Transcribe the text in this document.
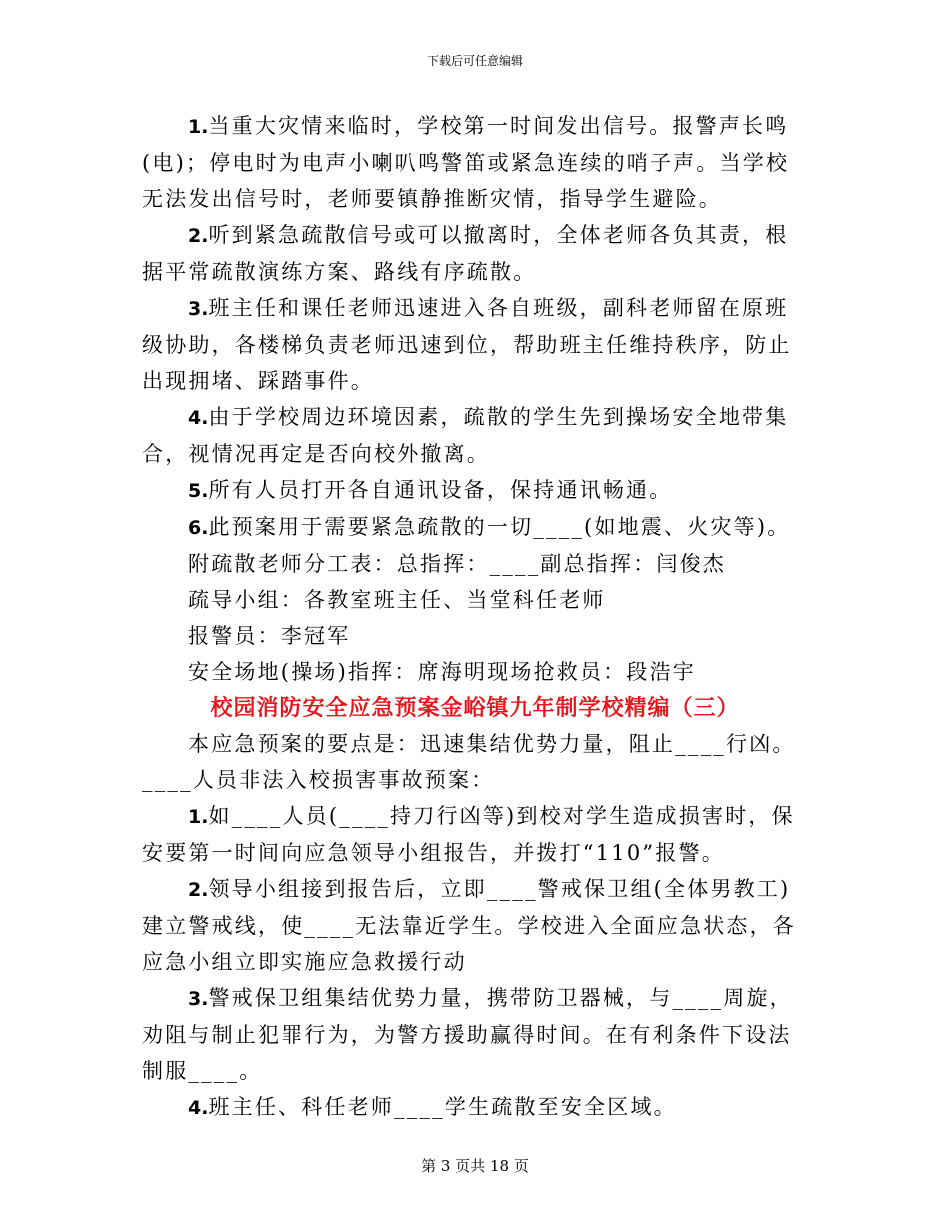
下载后可任意编辑

1.当重大灾情来临时，学校第一时间发出信号。报警声长鸣(电)；停电时为电声小喇叭鸣警笛或紧急连续的哨子声。当学校无法发出信号时，老师要镇静推断灾情，指导学生避险。

2.听到紧急疏散信号或可以撤离时，全体老师各负其责，根据平常疏散演练方案、路线有序疏散。

3.班主任和课任老师迅速进入各自班级，副科老师留在原班级协助，各楼梯负责老师迅速到位，帮助班主任维持秩序，防止出现拥堵、踩踏事件。

4.由于学校周边环境因素，疏散的学生先到操场安全地带集合，视情况再定是否向校外撤离。

5.所有人员打开各自通讯设备，保持通讯畅通。

6.此预案用于需要紧急疏散的一切____(如地震、火灾等)。

附疏散老师分工表：总指挥：____副总指挥：闫俊杰

疏导小组：各教室班主任、当堂科任老师

报警员：李冠军

安全场地(操场)指挥：席海明现场抢救员：段浩宇

校园消防安全应急预案金峪镇九年制学校精编（三）

本应急预案的要点是：迅速集结优势力量，阻止____行凶。____人员非法入校损害事故预案：

1.如____人员(____持刀行凶等)到校对学生造成损害时，保安要第一时间向应急领导小组报告，并拨打“110”报警。

2.领导小组接到报告后，立即____警戒保卫组(全体男教工)建立警戒线，使____无法靠近学生。学校进入全面应急状态，各应急小组立即实施应急救援行动

3.警戒保卫组集结优势力量，携带防卫器械，与____周旋，劝阻与制止犯罪行为，为警方援助赢得时间。在有利条件下设法制服____。

4.班主任、科任老师____学生疏散至安全区域。

第 3 页共 18 页
